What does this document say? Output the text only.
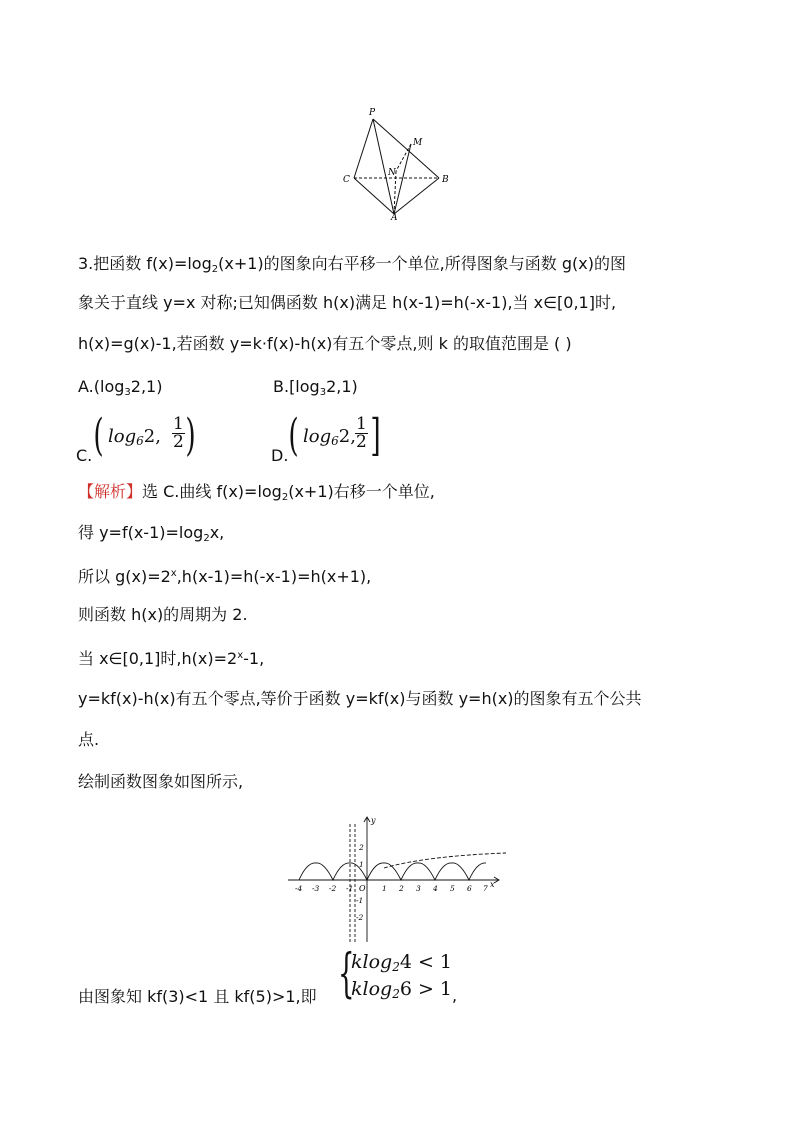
P
M
N
C	B
A
3.把函数 $f(x)=\log_2(x+1)$的图象向右平移一个单位,所得图象与函数 g(x)的图
象关于直线 y=x 对称;已知偶函数 h(x)满足 h(x-1)=h(-x-1),当 x∈[0,1]时,
h(x)=g(x)-1,若函数 y=k·f(x)-h(x)有五个零点,则 k 的取值范围是 ( )
$A.(\log_32,1)$	$B.[\log_32,1)$
C. ( $\log_62$, $\frac{1}{2}$ )	D. ( $\log_62$, $\frac{1}{2}$ ]
【解析】选 C.曲线 $f(x)=\log_2(x+1)$右移一个单位,
得 $y=f(x-1)=\log_2x$,
所以 $g(x)=2^x,h(x-1)=h(-x-1)=h(x+1)$,
则函数 h(x)的周期为 2.
当 x∈[0,1]时$,h(x)=2^x-1$,
y=kf(x)-h(x)有五个零点,等价于函数 y=kf(x)与函数 y=h(x)的图象有五个公共
点.
绘制函数图象如图所示,
y
x
O
-4 -3 -2 -1	1 2 3 4 5 6 7
2
1
-1
-2
由图象知 kf(3)<1 且 kf(5)>1,即 {
klog$_2$4 < 1
klog$_2$6 > 1 ,
